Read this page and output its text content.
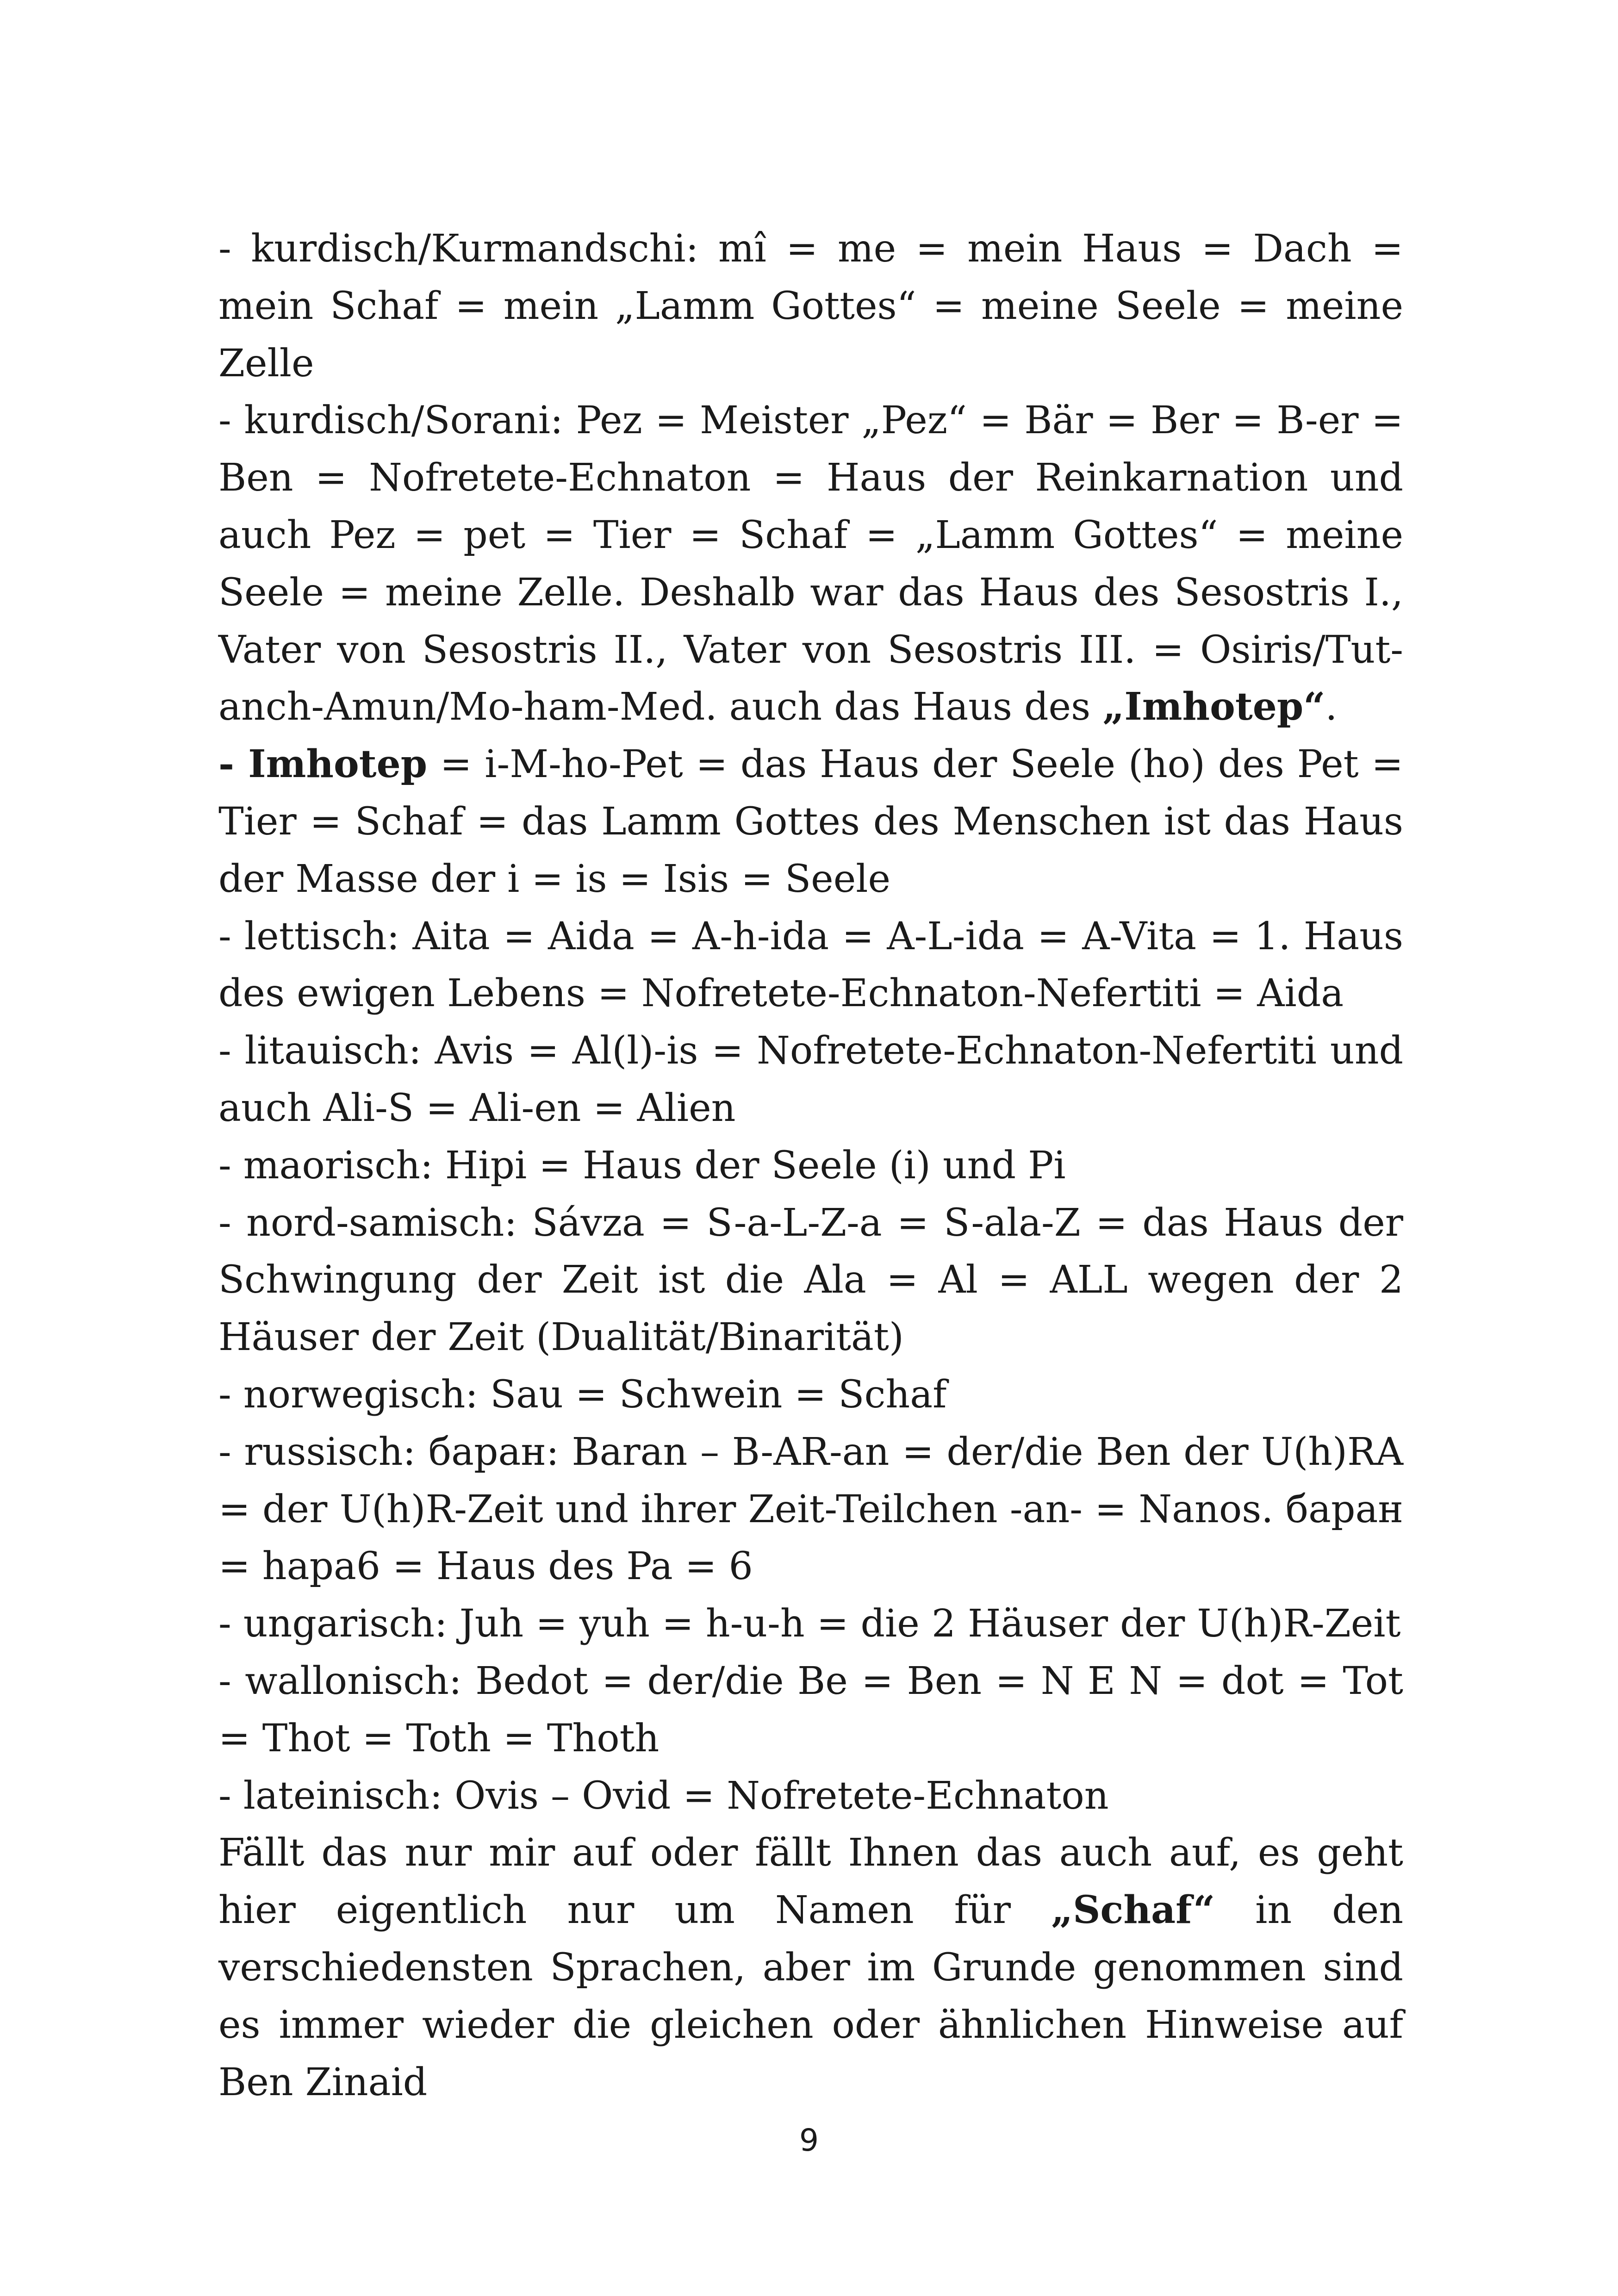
- kurdisch/Kurmandschi: mî = me = mein Haus = Dach = mein Schaf = mein „Lamm Gottes“ = meine Seele = meine Zelle

- kurdisch/Sorani: Pez = Meister „Pez“ = Bär = Ber = B-er = Ben = Nofretete-Echnaton = Haus der Reinkarnation und auch Pez = pet = Tier = Schaf = „Lamm Gottes“ = meine Seele = meine Zelle. Deshalb war das Haus des Sesostris I., Vater von Sesostris II., Vater von Sesostris III. = Osiris/Tut-anch-Amun/Mo-ham-Med. auch das Haus des „Imhotep“.

- Imhotep = i-M-ho-Pet = das Haus der Seele (ho) des Pet = Tier = Schaf = das Lamm Gottes des Menschen ist das Haus der Masse der i = is = Isis = Seele

- lettisch: Aita = Aida = A-h-ida = A-L-ida = A-Vita = 1. Haus des ewigen Lebens = Nofretete-Echnaton-Nefertiti = Aida

- litauisch: Avis = Al(l)-is = Nofretete-Echnaton-Nefertiti und auch Ali-S = Ali-en = Alien

- maorisch: Hipi = Haus der Seele (i) und Pi

- nord-samisch: Sávza = S-a-L-Z-a = S-ala-Z = das Haus der Schwingung der Zeit ist die Ala = Al = ALL wegen der 2 Häuser der Zeit (Dualität/Binarität)

- norwegisch: Sau = Schwein = Schaf

- russisch: баран: Baran – B-AR-an = der/die Ben der U(h)RA = der U(h)R-Zeit und ihrer Zeit-Teilchen -an- = Nanos. баран = hapa6 = Haus des Pa = 6

- ungarisch: Juh = yuh = h-u-h = die 2 Häuser der U(h)R-Zeit

- wallonisch: Bedot = der/die Be = Ben = N E N = dot = Tot = Thot = Toth = Thoth

- lateinisch: Ovis – Ovid = Nofretete-Echnaton

Fällt das nur mir auf oder fällt Ihnen das auch auf, es geht hier eigentlich nur um Namen für „Schaf“ in den verschiedensten Sprachen, aber im Grunde genommen sind es immer wieder die gleichen oder ähnlichen Hinweise auf Ben Zinaid

9
